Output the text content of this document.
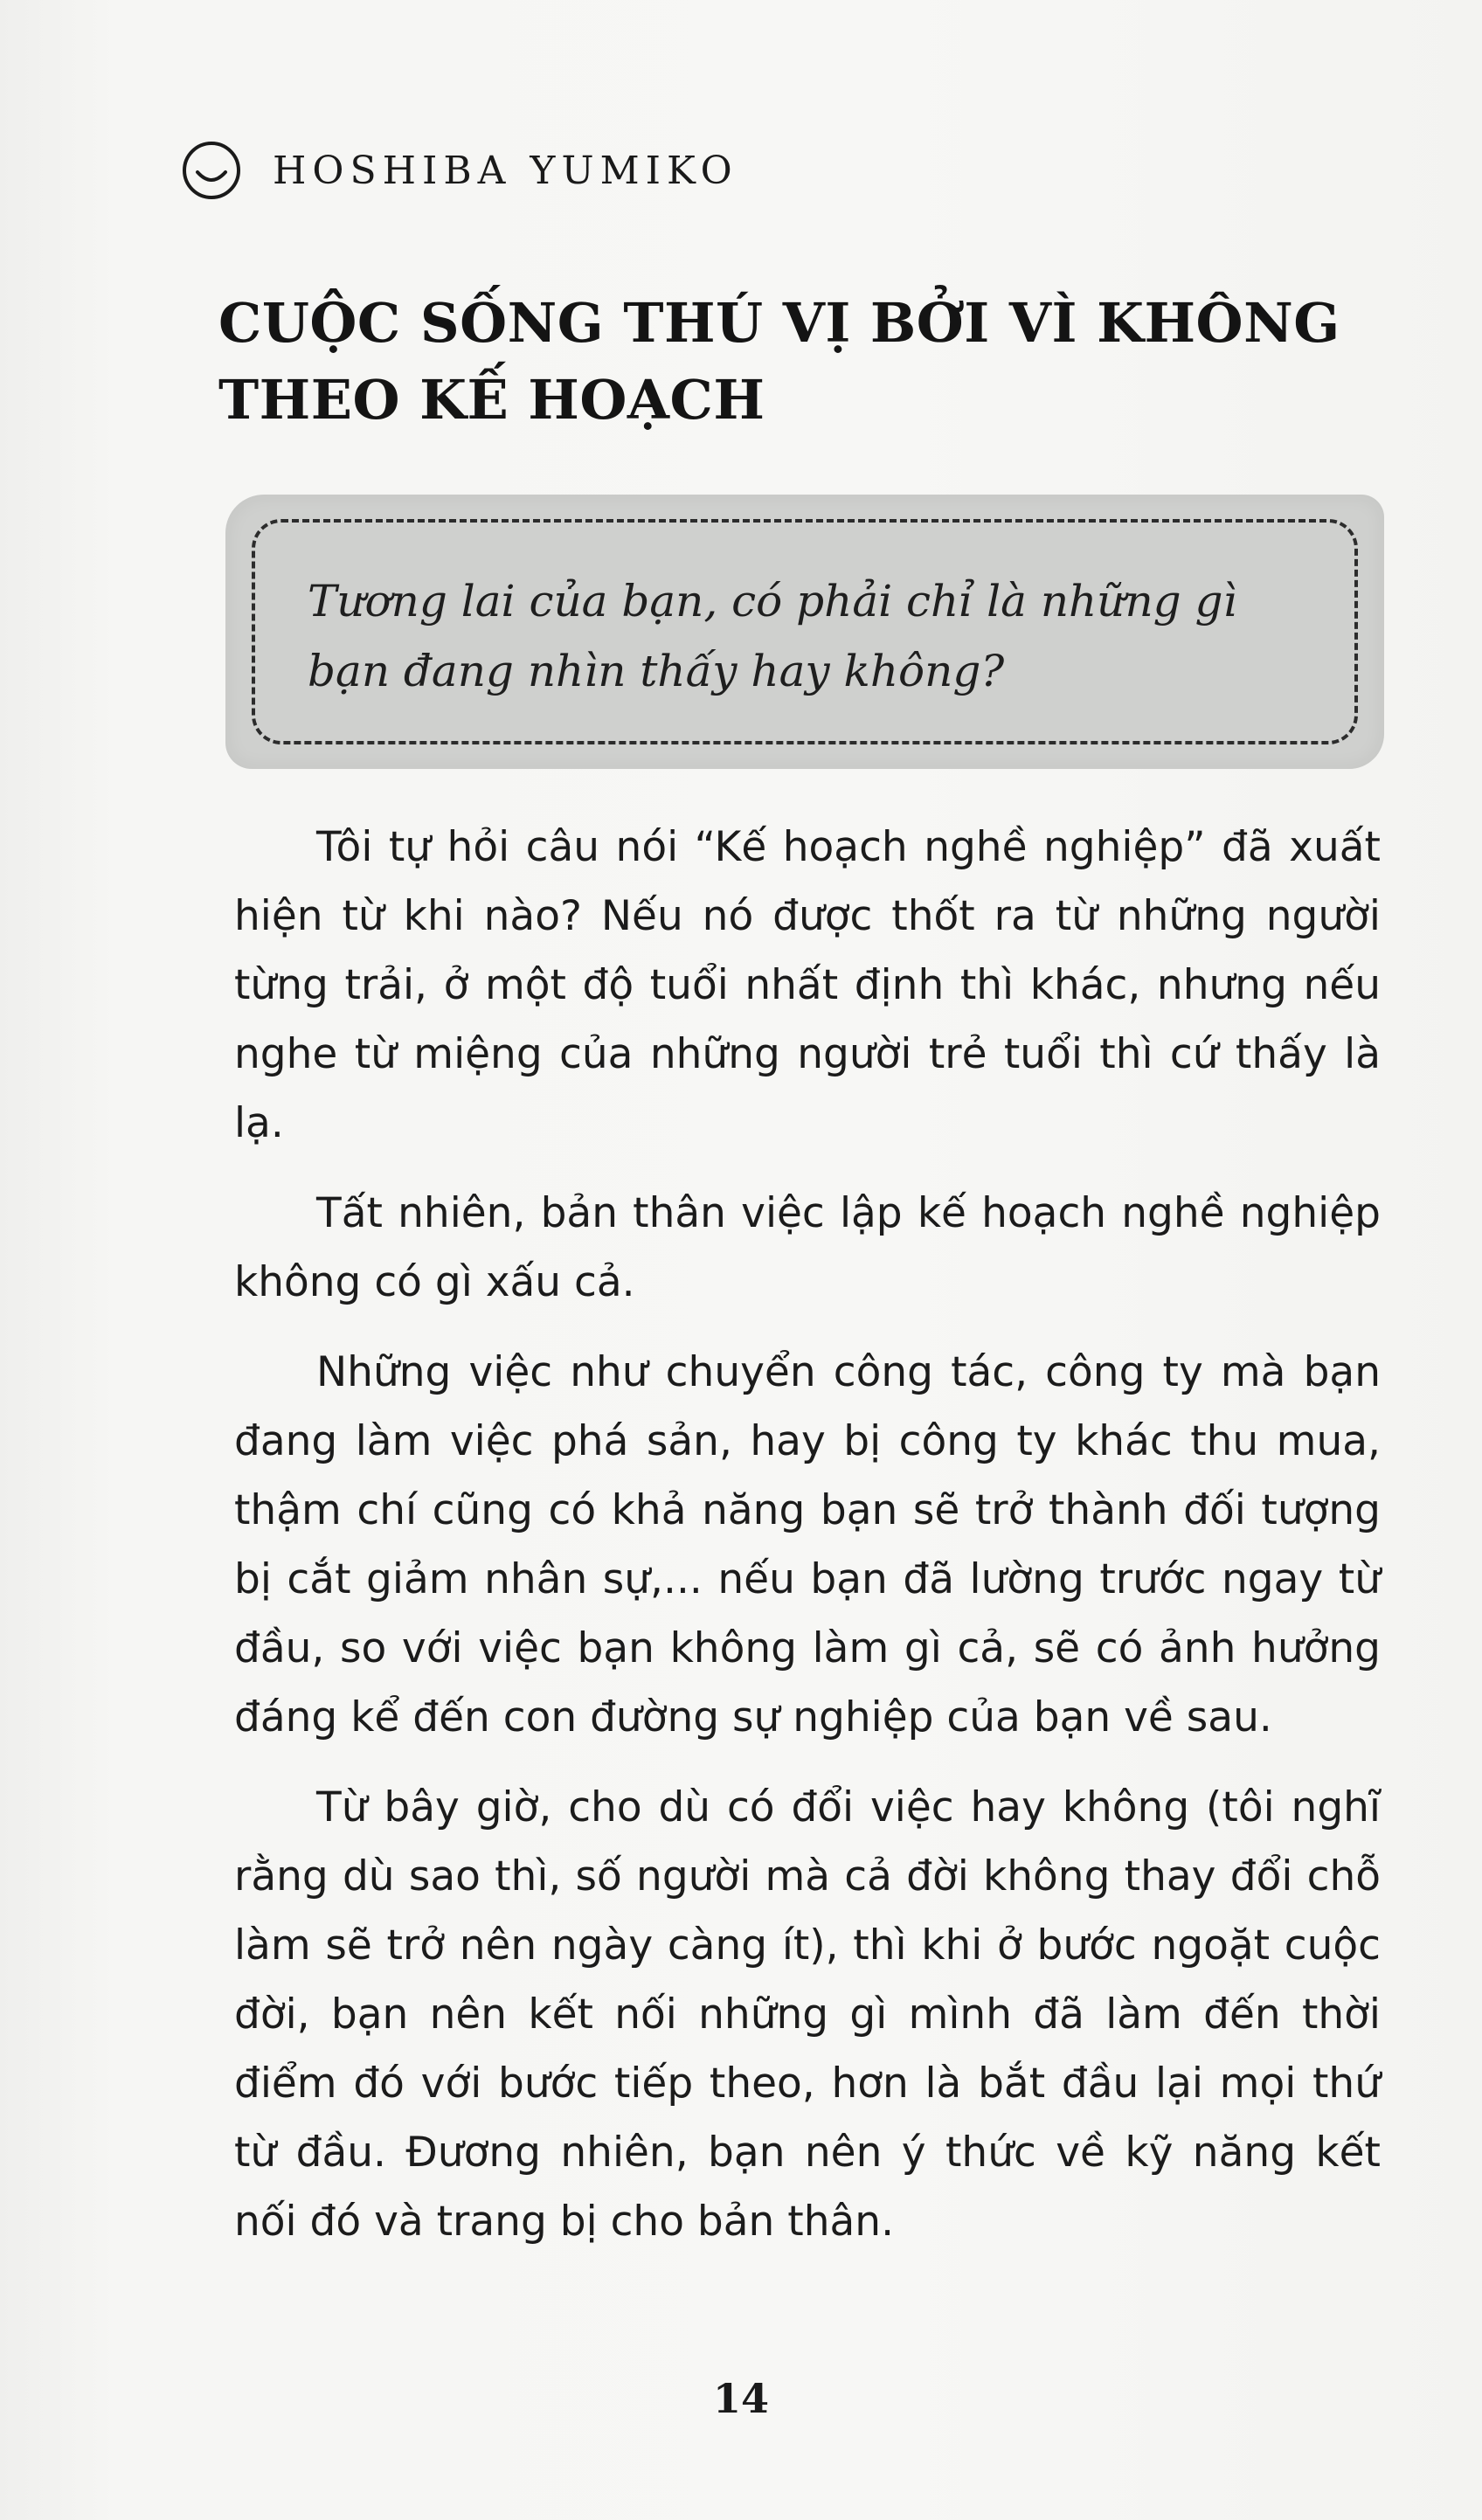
HOSHIBA YUMIKO
CUỘC SỐNG THÚ VỊ BỞI VÌ KHÔNG THEO KẾ HOẠCH
Tương lai của bạn, có phải chỉ là những gì bạn đang nhìn thấy hay không?

Tôi tự hỏi câu nói “Kế hoạch nghề nghiệp” đã xuất hiện từ khi nào? Nếu nó được thốt ra từ những người từng trải, ở một độ tuổi nhất định thì khác, nhưng nếu nghe từ miệng của những người trẻ tuổi thì cứ thấy là lạ.

Tất nhiên, bản thân việc lập kế hoạch nghề nghiệp không có gì xấu cả.

Những việc như chuyển công tác, công ty mà bạn đang làm việc phá sản, hay bị công ty khác thu mua, thậm chí cũng có khả năng bạn sẽ trở thành đối tượng bị cắt giảm nhân sự,... nếu bạn đã lường trước ngay từ đầu, so với việc bạn không làm gì cả, sẽ có ảnh hưởng đáng kể đến con đường sự nghiệp của bạn về sau.

Từ bây giờ, cho dù có đổi việc hay không (tôi nghĩ rằng dù sao thì, số người mà cả đời không thay đổi chỗ làm sẽ trở nên ngày càng ít), thì khi ở bước ngoặt cuộc đời, bạn nên kết nối những gì mình đã làm đến thời điểm đó với bước tiếp theo, hơn là bắt đầu lại mọi thứ từ đầu. Đương nhiên, bạn nên ý thức về kỹ năng kết nối đó và trang bị cho bản thân.

14
